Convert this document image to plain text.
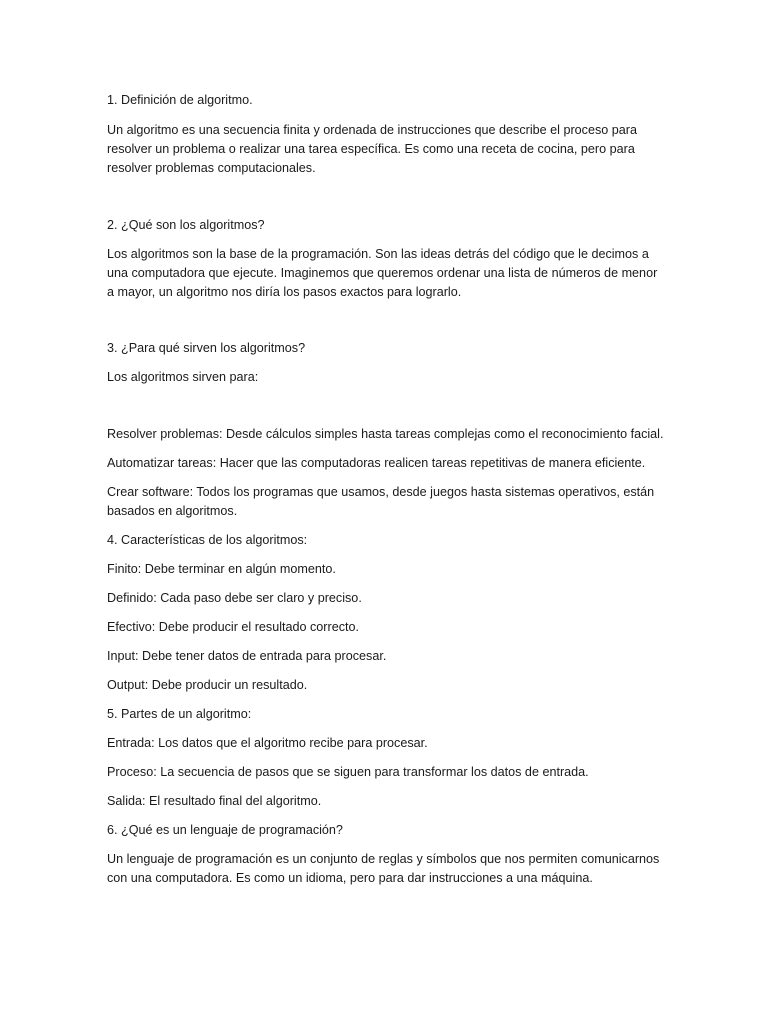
1. Definición de algoritmo.

Un algoritmo es una secuencia finita y ordenada de instrucciones que describe el proceso para resolver un problema o realizar una tarea específica. Es como una receta de cocina, pero para resolver problemas computacionales.

2. ¿Qué son los algoritmos?

Los algoritmos son la base de la programación. Son las ideas detrás del código que le decimos a una computadora que ejecute. Imaginemos que queremos ordenar una lista de números de menor a mayor, un algoritmo nos diría los pasos exactos para lograrlo.

3. ¿Para qué sirven los algoritmos?

Los algoritmos sirven para:

Resolver problemas: Desde cálculos simples hasta tareas complejas como el reconocimiento facial.

Automatizar tareas: Hacer que las computadoras realicen tareas repetitivas de manera eficiente.

Crear software: Todos los programas que usamos, desde juegos hasta sistemas operativos, están basados en algoritmos.

4. Características de los algoritmos:

Finito: Debe terminar en algún momento.

Definido: Cada paso debe ser claro y preciso.

Efectivo: Debe producir el resultado correcto.

Input: Debe tener datos de entrada para procesar.

Output: Debe producir un resultado.

5. Partes de un algoritmo:

Entrada: Los datos que el algoritmo recibe para procesar.

Proceso: La secuencia de pasos que se siguen para transformar los datos de entrada.

Salida: El resultado final del algoritmo.

6. ¿Qué es un lenguaje de programación?

Un lenguaje de programación es un conjunto de reglas y símbolos que nos permiten comunicarnos con una computadora. Es como un idioma, pero para dar instrucciones a una máquina.
